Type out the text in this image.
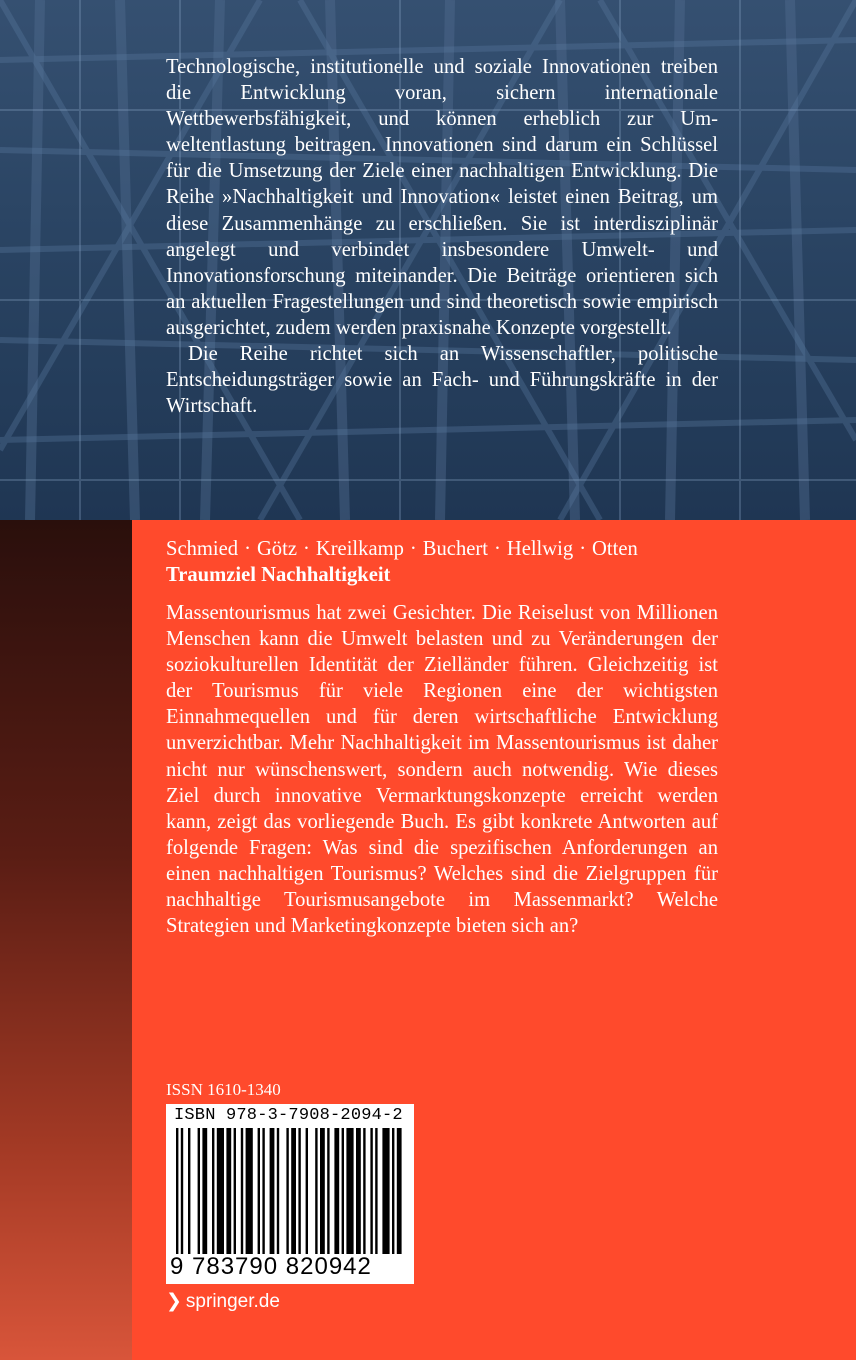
Technologische, institutionelle und soziale Innovationen treiben die Entwicklung voran, sichern internationale Wettbewerbsfähigkeit, und können erheblich zur Umweltentlastung beitragen. Innovationen sind darum ein Schlüssel für die Umsetzung der Ziele einer nachhaltigen Entwicklung. Die Reihe »Nachhaltigkeit und Innovation« leistet einen Beitrag, um diese Zusammenhänge zu erschließen. Sie ist interdisziplinär angelegt und verbindet insbesondere Umwelt- und Innovationsforschung miteinander. Die Beiträge orientieren sich an aktuellen Fragestellungen und sind theoretisch sowie empirisch ausgerichtet, zudem werden praxisnahe Konzepte vorgestellt.

Die Reihe richtet sich an Wissenschaftler, politische Entscheidungsträger sowie an Fach- und Führungskräfte in der Wirtschaft.

Schmied · Götz · Kreilkamp · Buchert · Hellwig · Otten
Traumziel Nachhaltigkeit

Massentourismus hat zwei Gesichter. Die Reiselust von Millionen Menschen kann die Umwelt belasten und zu Veränderungen der soziokulturellen Identität der Zielländer führen. Gleichzeitig ist der Tourismus für viele Regionen eine der wichtigsten Einnahmequellen und für deren wirtschaftliche Entwicklung unverzichtbar. Mehr Nachhaltigkeit im Massentourismus ist daher nicht nur wünschenswert, sondern auch notwendig. Wie dieses Ziel durch innovative Vermarktungskonzepte erreicht werden kann, zeigt das vorliegende Buch. Es gibt konkrete Antworten auf folgende Fragen: Was sind die spezifischen Anforderungen an einen nachhaltigen Tourismus? Welches sind die Zielgruppen für nachhaltige Tourismusangebote im Massenmarkt? Welche Strategien und Marketingkonzepte bieten sich an?

ISSN 1610-1340
ISBN 978-3-7908-2094-2
9 783790 820942
❯ springer.de
